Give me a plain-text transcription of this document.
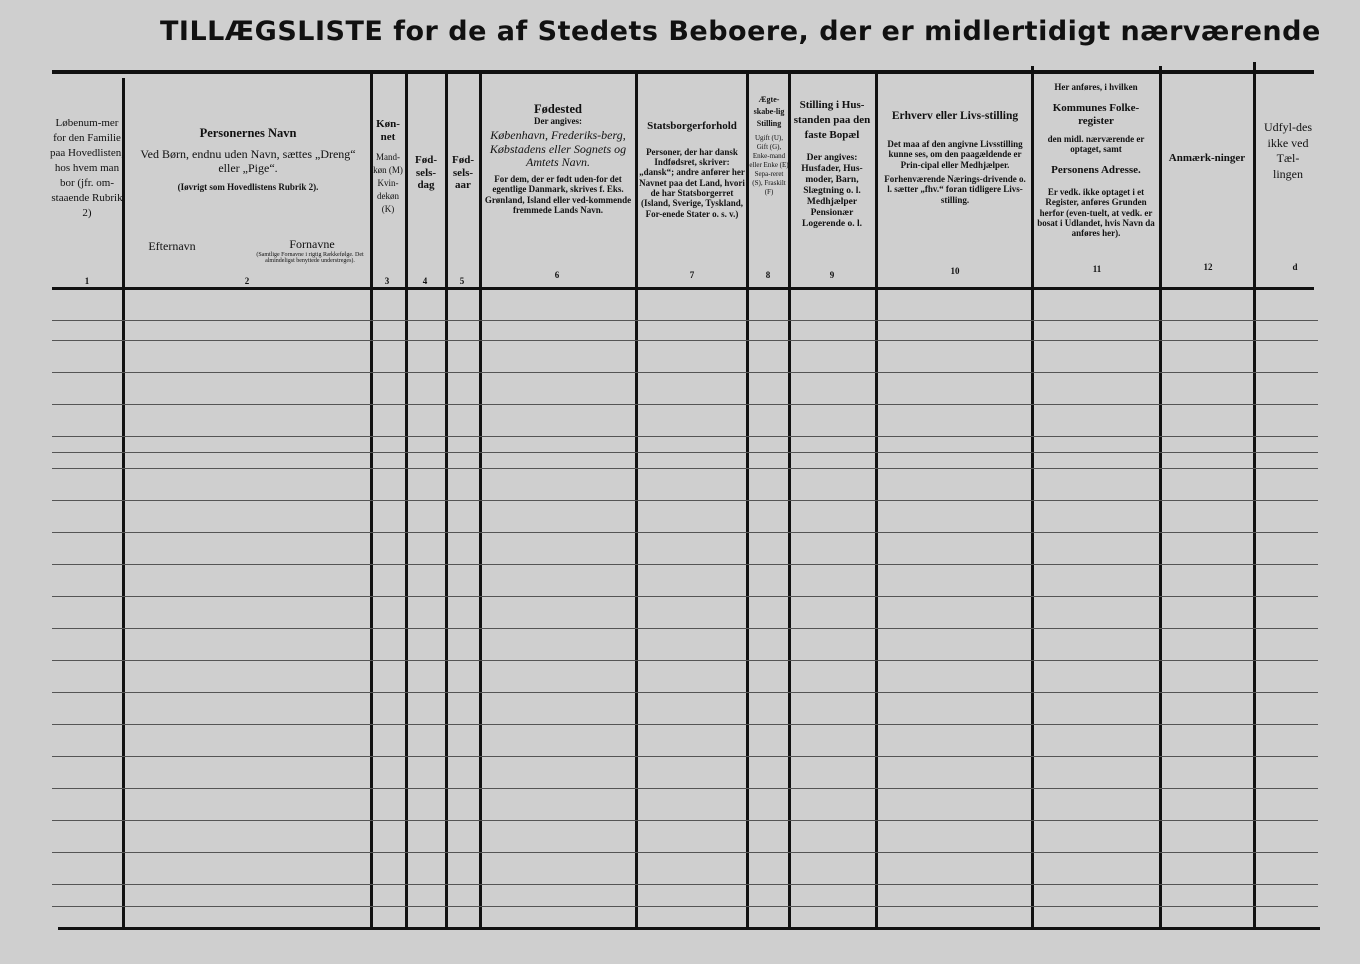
TILLÆGSLISTE for de af Stedets Beboere, der er midlertidigt nærværende
Løbenum-mer for den Familie paa Hovedlisten, hos hvem man bor (jfr. om-staaende Rubrik 2)
1
Personernes Navn
Ved Børn, endnu uden Navn, sættes „Dreng“ eller „Pige“.
(Iøvrigt som Hovedlistens Rubrik 2).
Efternavn	Fornavne
(Samtlige Fornavne i rigtig Rækkefølge. Det almindeligst benyttede understreges).
2
Køn-net
Mand-køn (M) Kvin-dekøn (K)
3
Fød-sels-dag
4
Fød-sels-aar
5
Fødested
Der angives:
København, Frederiks-berg, Købstadens eller Sognets og Amtets Navn.
For dem, der er født uden-for det egentlige Danmark, skrives f. Eks. Grønland, Island eller ved-kommende fremmede Lands Navn.
6
Statsborgerforhold
Personer, der har dansk Indfødsret, skriver: „dansk“; andre anfører her Navnet paa det Land, hvori de har Statsborgerret (Island, Sverige, Tyskland, For-enede Stater o. s. v.)
7
Ægte-skabe-lig Stilling
Ugift (U), Gift (G), Enke-mand eller Enke (E) Sepa-reret (S), Fraskilt (F)
8
Stilling i Hus-standen paa den faste Bopæl
Der angives: Husfader, Hus-moder, Barn, Slægtning o. l. Medhjælper Pensionær Logerende o. l.
9
Erhverv eller Livs-stilling
Det maa af den angivne Livsstilling kunne ses, om den paagældende er Prin-cipal eller Medhjælper.
Forhenværende Nærings-drivende o. l. sætter „fhv.“ foran tidligere Livs-stilling.
10
Her anføres, i hvilken
Kommunes Folke-register
den midl. nærværende er optaget, samt
Personens Adresse.
Er vedk. ikke optaget i et Register, anføres Grunden herfor (even-tuelt, at vedk. er bosat i Udlandet, hvis Navn da anføres her).
11
Anmærk-ninger
12
Udfyl-des ikke ved Tæl-lingen
d
